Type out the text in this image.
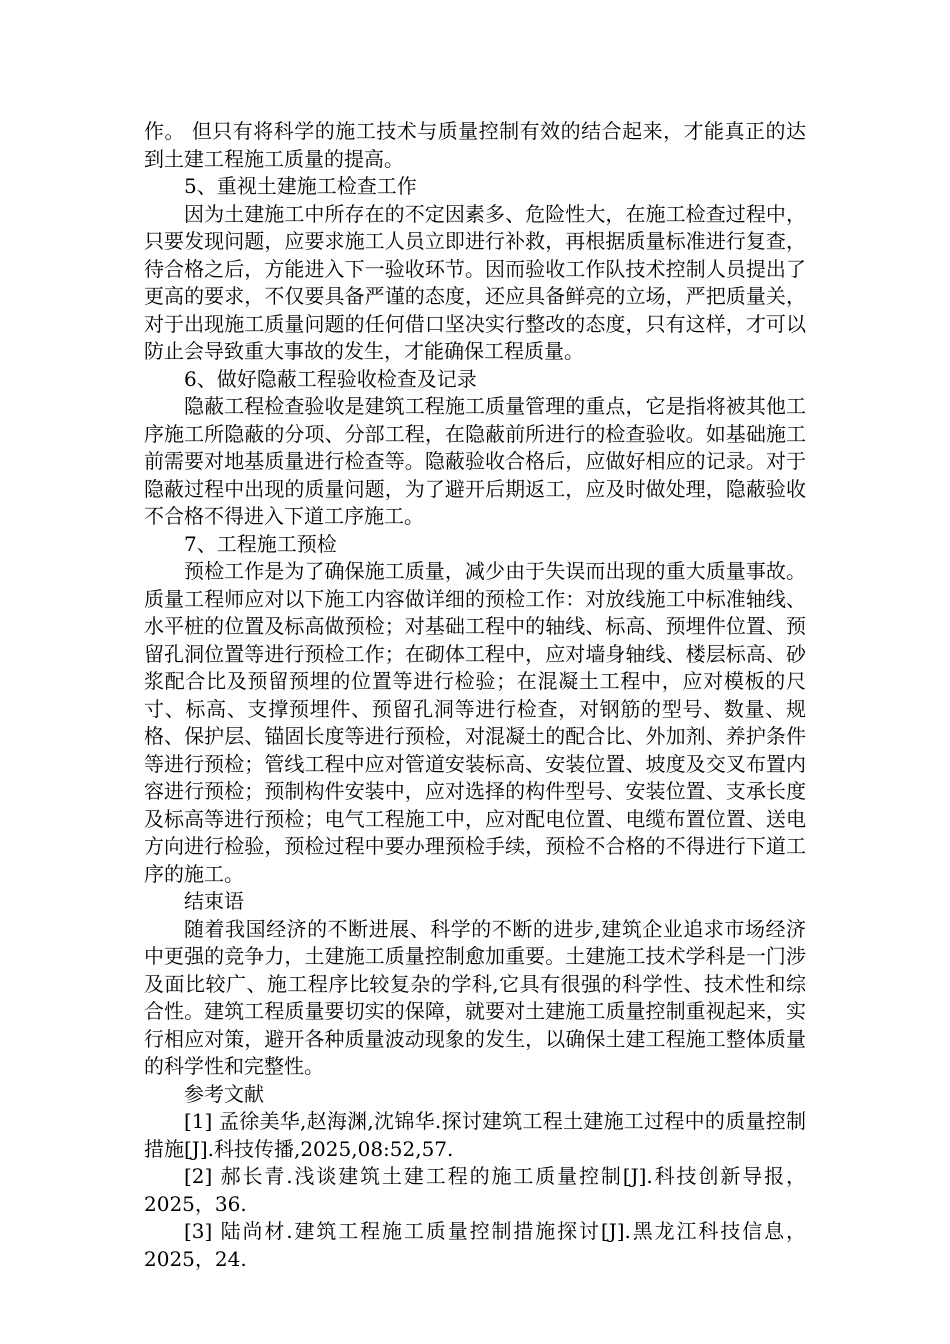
作。 但只有将科学的施工技术与质量控制有效的结合起来，才能真正的达到土建工程施工质量的提高。

5、重视土建施工检查工作

因为土建施工中所存在的不定因素多、危险性大，在施工检查过程中，只要发现问题，应要求施工人员立即进行补救，再根据质量标准进行复查，待合格之后，方能进入下一验收环节。因而验收工作队技术控制人员提出了更高的要求，不仅要具备严谨的态度，还应具备鲜亮的立场，严把质量关，对于出现施工质量问题的任何借口坚决实行整改的态度，只有这样，才可以防止会导致重大事故的发生，才能确保工程质量。

6、做好隐蔽工程验收检查及记录

隐蔽工程检查验收是建筑工程施工质量管理的重点，它是指将被其他工序施工所隐蔽的分项、分部工程，在隐蔽前所进行的检查验收。如基础施工前需要对地基质量进行检查等。隐蔽验收合格后，应做好相应的记录。对于隐蔽过程中出现的质量问题，为了避开后期返工，应及时做处理，隐蔽验收不合格不得进入下道工序施工。

7、工程施工预检

预检工作是为了确保施工质量，减少由于失误而出现的重大质量事故。质量工程师应对以下施工内容做详细的预检工作：对放线施工中标准轴线、水平桩的位置及标高做预检；对基础工程中的轴线、标高、预埋件位置、预留孔洞位置等进行预检工作；在砌体工程中，应对墙身轴线、楼层标高、砂浆配合比及预留预埋的位置等进行检验；在混凝土工程中，应对模板的尺寸、标高、支撑预埋件、预留孔洞等进行检查，对钢筋的型号、数量、规格、保护层、锚固长度等进行预检，对混凝土的配合比、外加剂、养护条件等进行预检；管线工程中应对管道安装标高、安装位置、坡度及交叉布置内容进行预检；预制构件安装中，应对选择的构件型号、安装位置、支承长度及标高等进行预检；电气工程施工中，应对配电位置、电缆布置位置、送电方向进行检验，预检过程中要办理预检手续，预检不合格的不得进行下道工序的施工。

结束语

随着我国经济的不断进展、科学的不断的进步,建筑企业追求市场经济中更强的竞争力，土建施工质量控制愈加重要。土建施工技术学科是一门涉及面比较广、施工程序比较复杂的学科,它具有很强的科学性、技术性和综合性。建筑工程质量要切实的保障，就要对土建施工质量控制重视起来，实行相应对策，避开各种质量波动现象的发生，以确保土建工程施工整体质量的科学性和完整性。

参考文献

[1] 孟徐美华,赵海渊,沈锦华.探讨建筑工程土建施工过程中的质量控制措施[J].科技传播,2025,08:52,57.

[2] 郝长青.浅谈建筑土建工程的施工质量控制[J].科技创新导报，2025，36.

[3] 陆尚材.建筑工程施工质量控制措施探讨[J].黑龙江科技信息，2025，24.
